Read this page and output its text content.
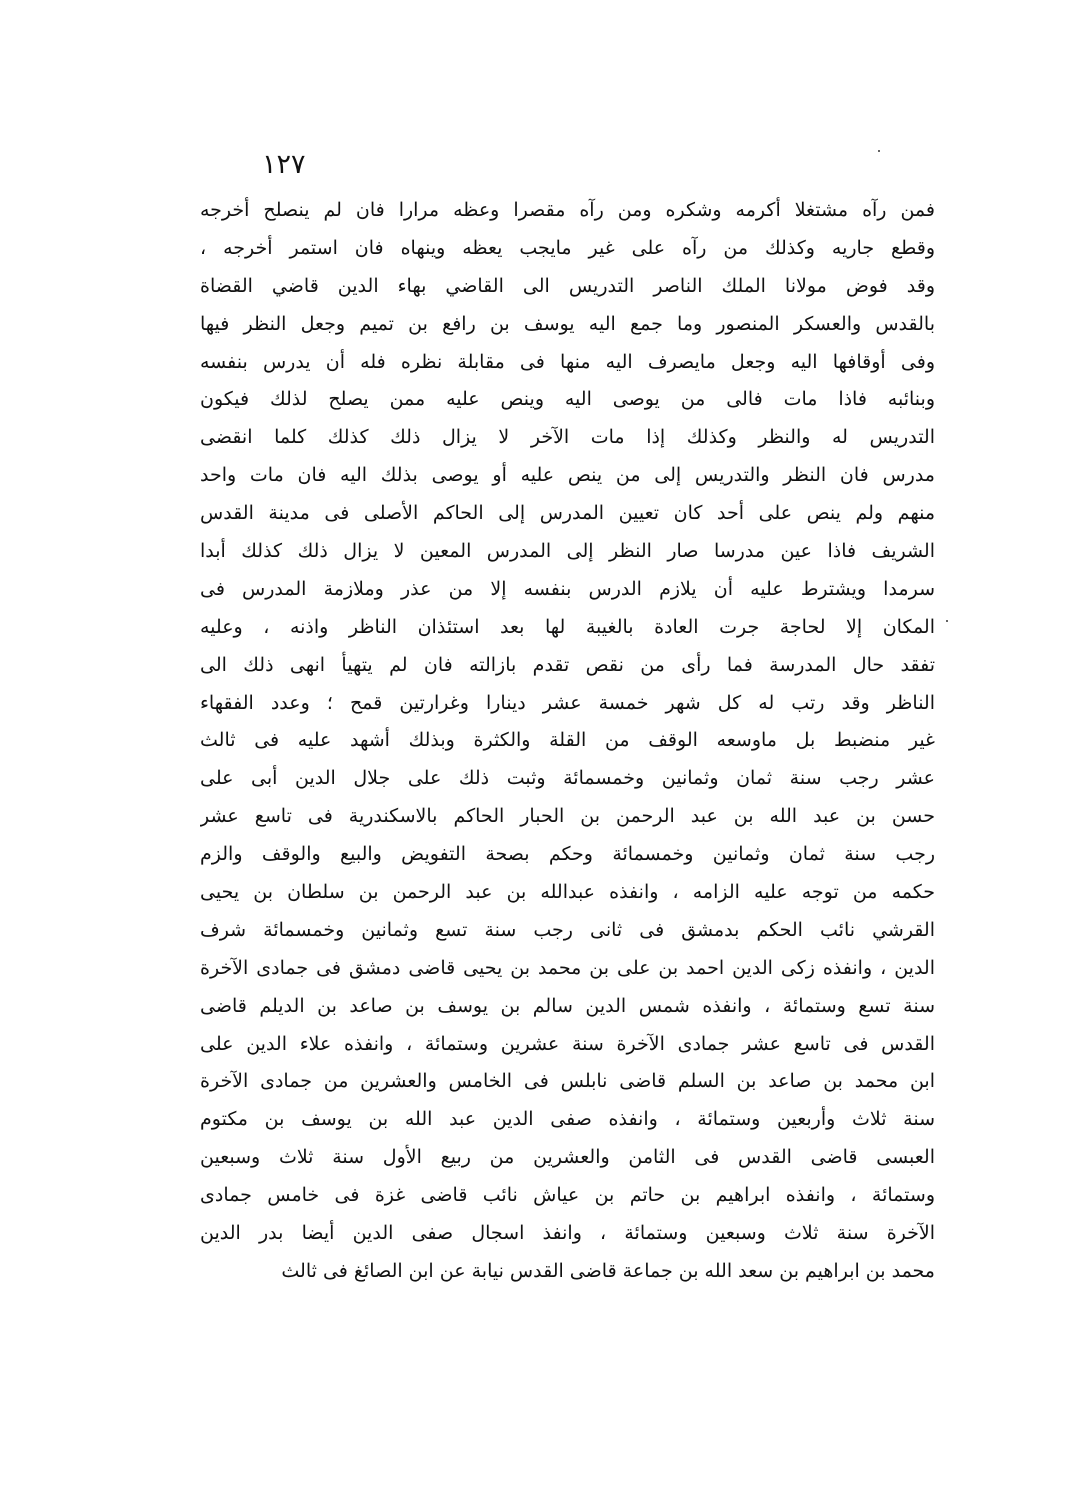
١٢٧
فمن رآه مشتغلا أكرمه وشكره ومن رآه مقصرا وعظه مرارا فان لم ينصلح أخرجه
وقطع جاريه وكذلك من رآه على غير مايجب يعظه وينهاه فان استمر أخرجه ،
وقد فوض مولانا الملك الناصر التدريس الى القاضي بهاء الدين قاضي القضاة
بالقدس والعسكر المنصور وما جمع اليه يوسف بن رافع بن تميم وجعل النظر فيها
وفى أوقافها اليه وجعل مايصرف اليه منها فى مقابلة نظره فله أن يدرس بنفسه
وبنائبه فاذا مات فالى من يوصى اليه وينص عليه ممن يصلح لذلك فيكون
التدريس له والنظر وكذلك إذا مات الآخر لا يزال ذلك كذلك كلما انقضى
مدرس فان النظر والتدريس إلى من ينص عليه أو يوصى بذلك اليه فان مات واحد
منهم ولم ينص على أحد كان تعيين المدرس إلى الحاكم الأصلى فى مدينة القدس
الشريف فاذا عين مدرسا صار النظر إلى المدرس المعين لا يزال ذلك كذلك أبدا
سرمدا ويشترط عليه أن يلازم الدرس بنفسه إلا من عذر وملازمة المدرس فى
المكان إلا لحاجة جرت العادة بالغيبة لها بعد استئذان الناظر واذنه ، وعليه
تفقد حال المدرسة فما رأى من نقص تقدم بازالته فان لم يتهيأ انهى ذلك الى
الناظر وقد رتب له كل شهر خمسة عشر دينارا وغرارتين قمح ؛ وعدد الفقهاء
غير منضبط بل ماوسعه الوقف من القلة والكثرة وبذلك أشهد عليه فى ثالث
عشر رجب سنة ثمان وثمانين وخمسمائة وثبت ذلك على جلال الدين أبى على
حسن بن عبد الله بن عبد الرحمن بن الحبار الحاكم بالاسكندرية فى تاسع عشر
رجب سنة ثمان وثمانين وخمسمائة وحكم بصحة التفويض والبيع والوقف والزم
حكمه من توجه عليه الزامه ، وانفذه عبدالله بن عبد الرحمن بن سلطان بن يحيى
القرشي نائب الحكم بدمشق فى ثانى رجب سنة تسع وثمانين وخمسمائة شرف
الدين ، وانفذه زكى الدين احمد بن على بن محمد بن يحيى قاضى دمشق فى جمادى الآخرة
سنة تسع وستمائة ، وانفذه شمس الدين سالم بن يوسف بن صاعد بن الديلم قاضى
القدس فى تاسع عشر جمادى الآخرة سنة عشرين وستمائة ، وانفذه علاء الدين على
ابن محمد بن صاعد بن السلم قاضى نابلس فى الخامس والعشرين من جمادى الآخرة
سنة ثلاث وأربعين وستمائة ، وانفذه صفى الدين عبد الله بن يوسف بن مكتوم
العبسى قاضى القدس فى الثامن والعشرين من ربيع الأول سنة ثلاث وسبعين
وستمائة ، وانفذه ابراهيم بن حاتم بن عياش نائب قاضى غزة فى خامس جمادى
الآخرة سنة ثلاث وسبعين وستمائة ، وانفذ اسجال صفى الدين أيضا بدر الدين
محمد بن ابراهيم بن سعد الله بن جماعة قاضى القدس نيابة عن ابن الصائغ فى ثالث
